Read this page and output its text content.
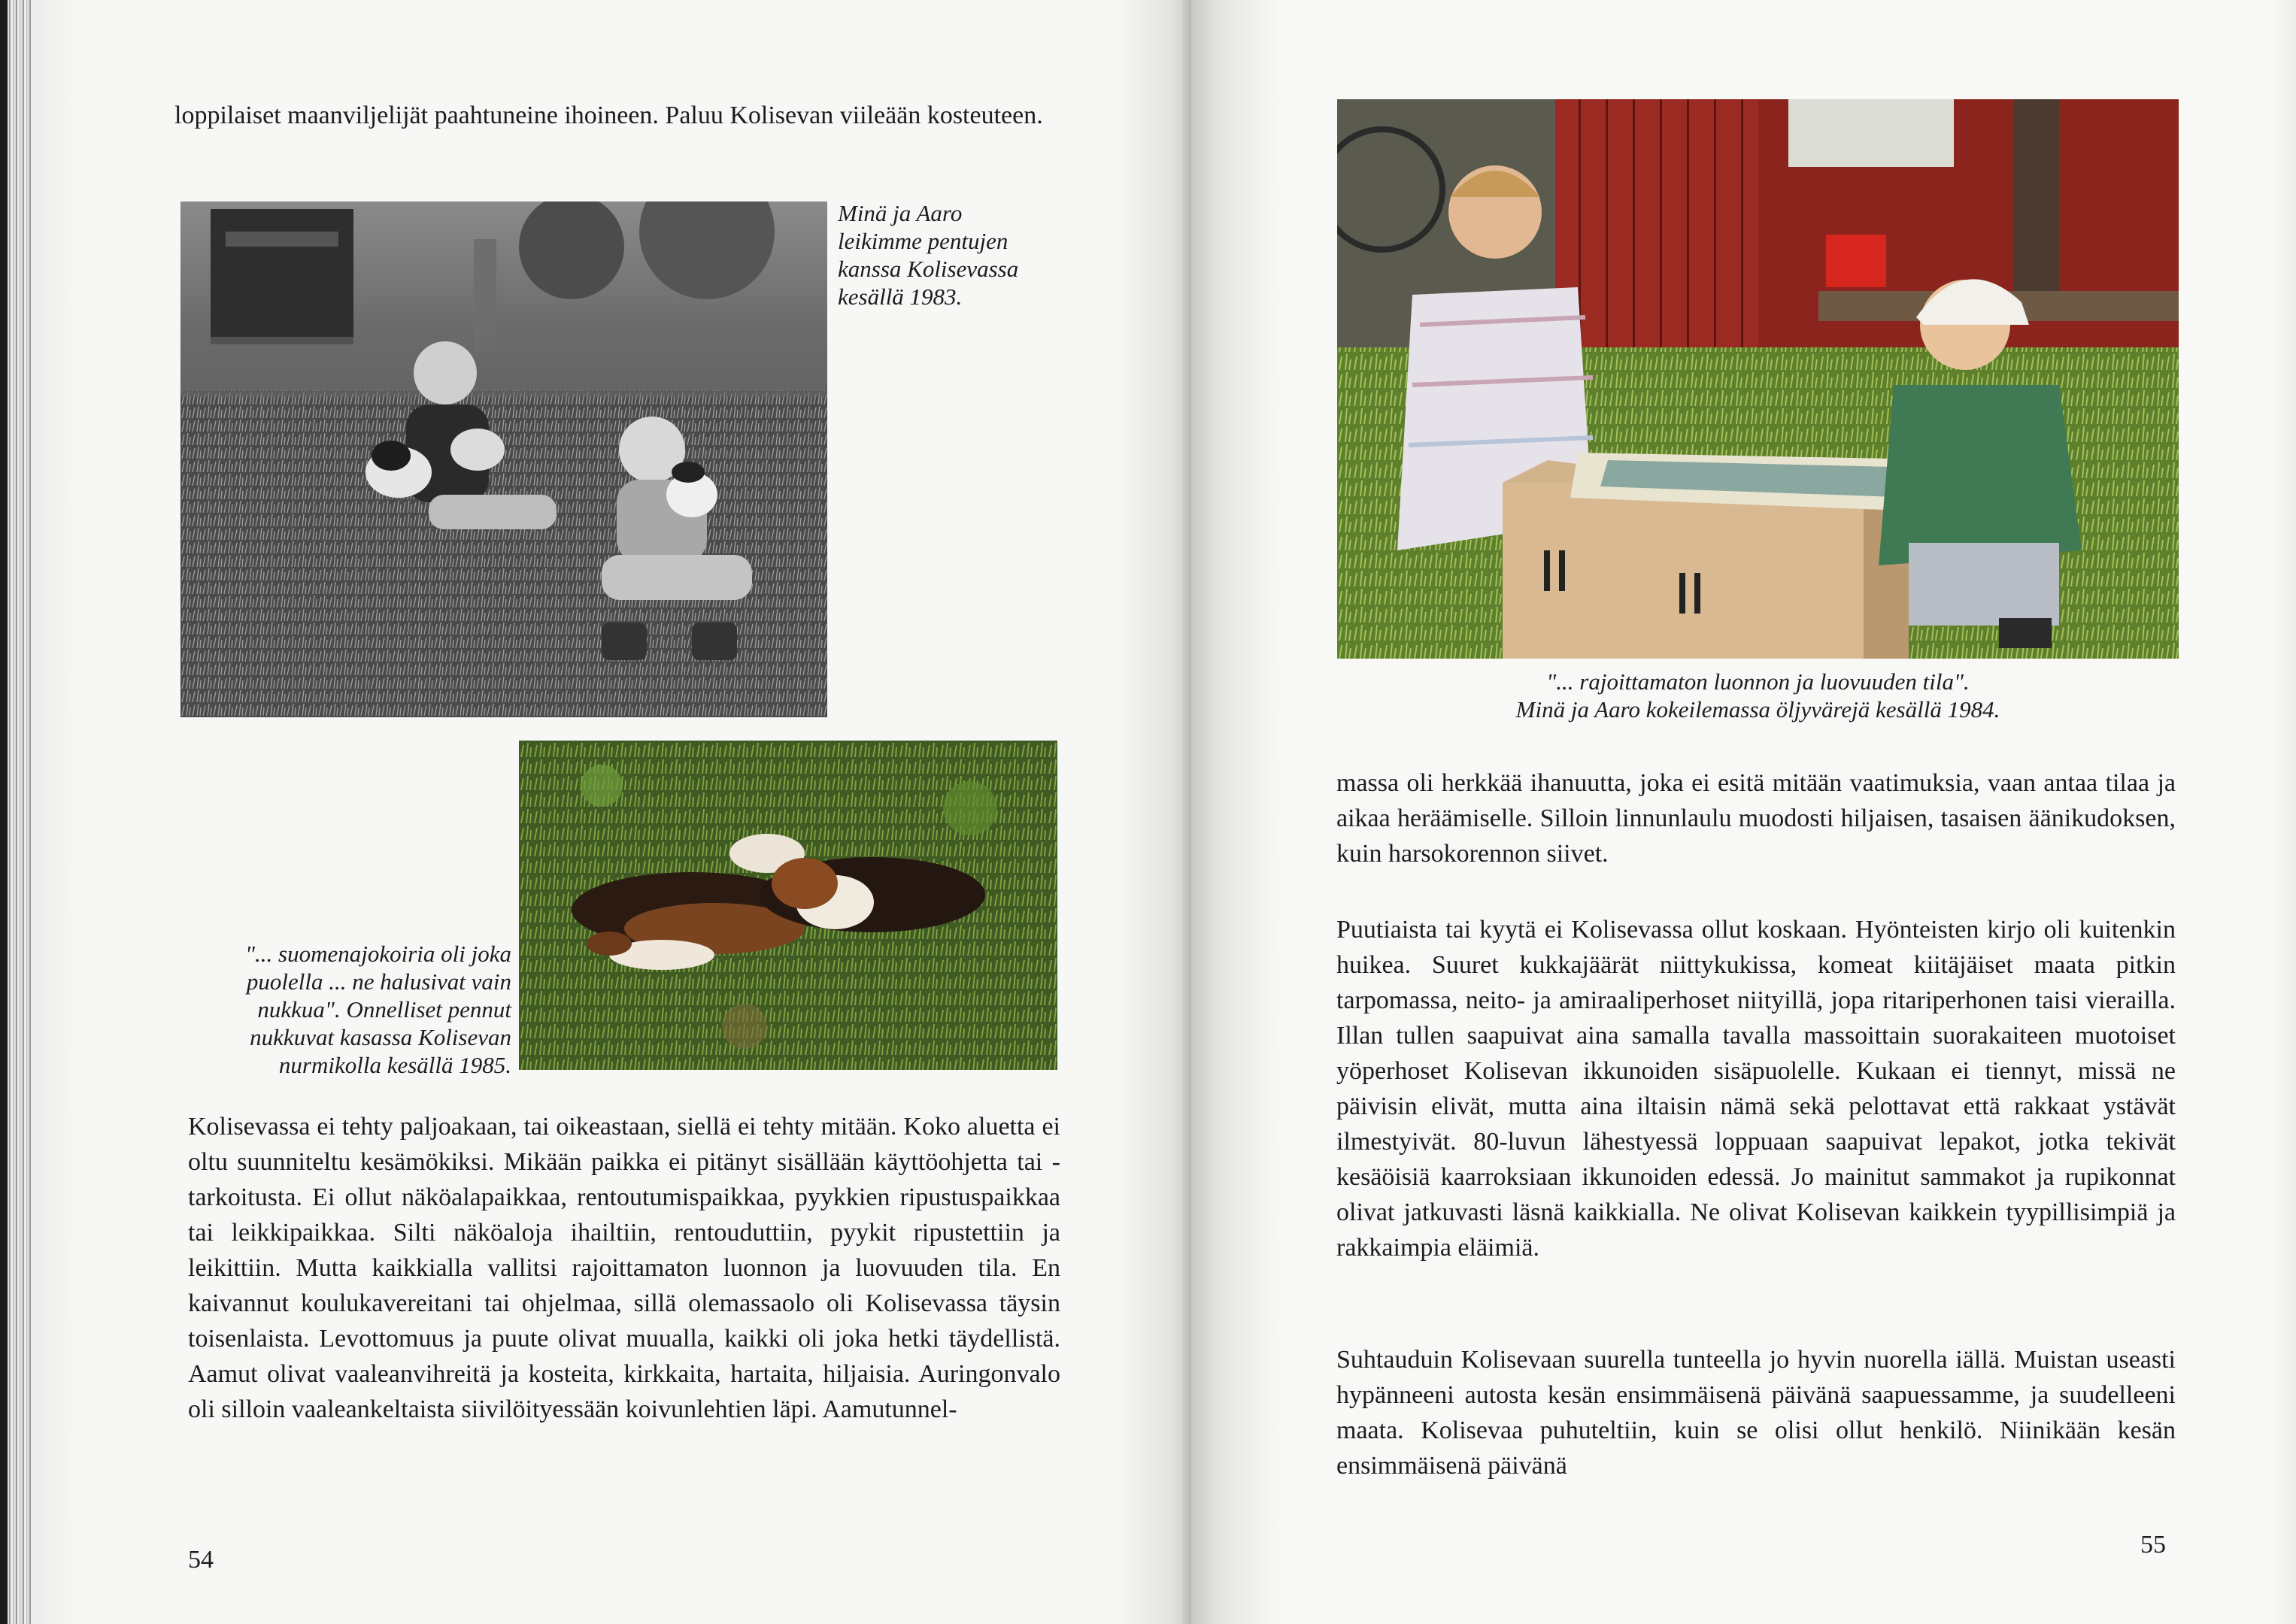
loppilaiset maanviljelijät paahtuneine ihoineen. Paluu Kolisevan viileään kosteuteen.

Minä ja Aaro leikimme pentujen kanssa Kolisevassa kesällä 1983.

"... suomenajokoiria oli joka puolella ... ne halusivat vain nukkua". Onnelliset pennut nukkuvat kasassa Kolisevan nurmikolla kesällä 1985.

Kolisevassa ei tehty paljoakaan, tai oikeastaan, siellä ei tehty mitään. Koko aluetta ei oltu suunniteltu kesämökiksi. Mikään paikka ei pitänyt sisällään käyttöohjetta tai -tarkoitusta. Ei ollut näköalapaikkaa, rentoutumispaikkaa, pyykkien ripustuspaikkaa tai leikkipaikkaa. Silti näköaloja ihailtiin, rentouduttiin, pyykit ripustettiin ja leikittiin. Mutta kaikkialla vallitsi rajoittamaton luonnon ja luovuuden tila. En kaivannut koulukavereitani tai ohjelmaa, sillä olemassaolo oli Kolisevassa täysin toisenlaista. Levottomuus ja puute olivat muualla, kaikki oli joka hetki täydellistä. Aamut olivat vaaleanvihreitä ja kosteita, kirkkaita, hartaita, hiljaisia. Auringonvalo oli silloin vaaleankeltaista siivilöityessään koivunlehtien läpi. Aamutunnel-

54

"... rajoittamaton luonnon ja luovuuden tila".

Minä ja Aaro kokeilemassa öljyvärejä kesällä 1984.

massa oli herkkää ihanuutta, joka ei esitä mitään vaatimuksia, vaan antaa tilaa ja aikaa heräämiselle. Silloin linnunlaulu muodosti hiljaisen, tasaisen äänikudoksen, kuin harsokorennon siivet.

Puutiaista tai kyytä ei Kolisevassa ollut koskaan. Hyönteisten kirjo oli kuitenkin huikea. Suuret kukkajäärät niittykukissa, komeat kiitäjäiset maata pitkin tarpomassa, neito- ja amiraaliperhoset niityillä, jopa ritariperhonen taisi vierailla. Illan tullen saapuivat aina samalla tavalla massoittain suorakaiteen muotoiset yöperhoset Kolisevan ikkunoiden sisäpuolelle. Kukaan ei tiennyt, missä ne päivisin elivät, mutta aina iltaisin nämä sekä pelottavat että rakkaat ystävät ilmestyivät. 80-luvun lähestyessä loppuaan saapuivat lepakot, jotka tekivät kesäöisiä kaarroksiaan ikkunoiden edessä. Jo mainitut sammakot ja rupikonnat olivat jatkuvasti läsnä kaikkialla. Ne olivat Kolisevan kaikkein tyypillisimpiä ja rakkaimpia eläimiä.

Suhtauduin Kolisevaan suurella tunteella jo hyvin nuorella iällä. Muistan useasti hypänneeni autosta kesän ensimmäisenä päivänä saapuessamme, ja suudelleeni maata. Kolisevaa puhuteltiin, kuin se olisi ollut henkilö. Niinikään kesän ensimmäisenä päivänä

55
